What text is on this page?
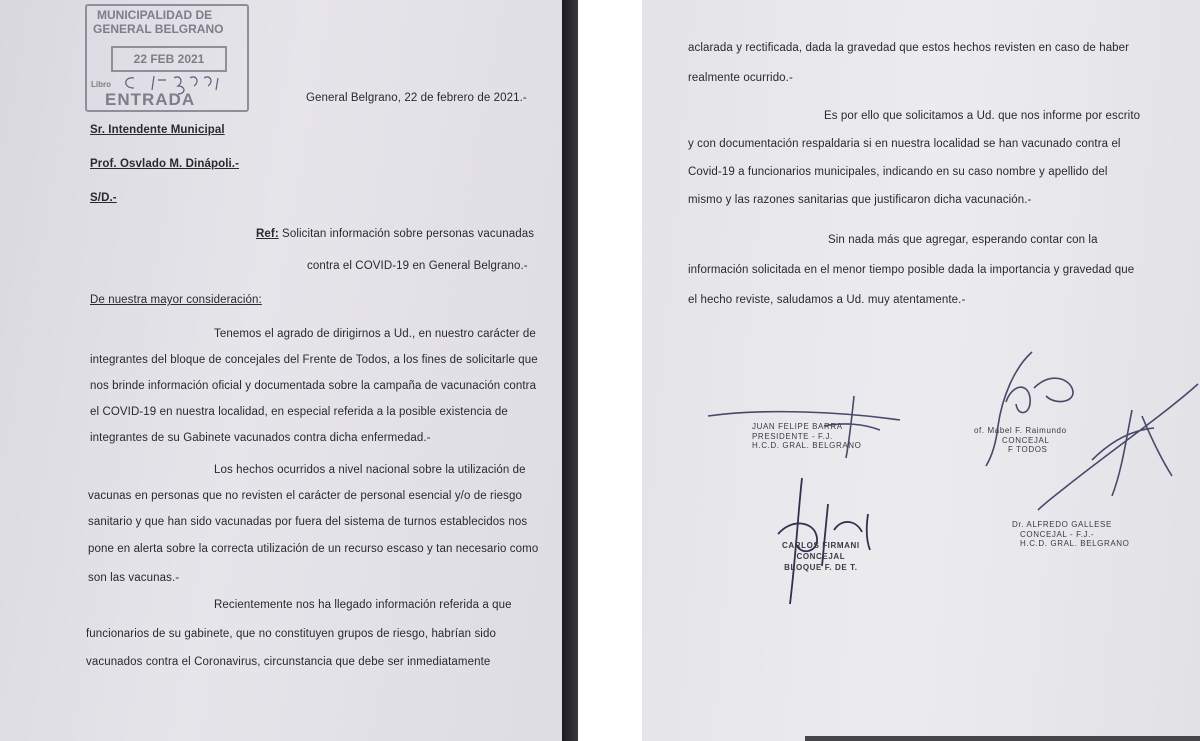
MUNICIPALIDAD DE
GENERAL BELGRANO
22 FEB 2021
Libro
ENTRADA	General Belgrano, 22 de febrero de 2021.-
Sr. Intendente Municipal
Prof. Osvlado M. Dinápoli.-
S/D.-
Ref: Solicitan información sobre personas vacunadas
contra el COVID-19 en General Belgrano.-
De nuestra mayor consideración:
Tenemos el agrado de dirigirnos a Ud., en nuestro carácter de
integrantes del bloque de concejales del Frente de Todos, a los fines de solicitarle que
nos brinde información oficial y documentada sobre la campaña de vacunación contra
el COVID-19 en nuestra localidad, en especial referida a la posible existencia de
integrantes de su Gabinete vacunados contra dicha enfermedad.-
Los hechos ocurridos a nivel nacional sobre la utilización de
vacunas en personas que no revisten el carácter de personal esencial y/o de riesgo
sanitario y que han sido vacunadas por fuera del sistema de turnos establecidos nos
pone en alerta sobre la correcta utilización de un recurso escaso y tan necesario como
son las vacunas.-
Recientemente nos ha llegado información referida a que
funcionarios de su gabinete, que no constituyen grupos de riesgo, habrían sido
vacunados contra el Coronavirus, circunstancia que debe ser inmediatamente
aclarada y rectificada, dada la gravedad que estos hechos revisten en caso de haber
realmente ocurrido.-
Es por ello que solicitamos a Ud. que nos informe por escrito
y con documentación respaldaria si en nuestra localidad se han vacunado contra el
Covid-19 a funcionarios municipales, indicando en su caso nombre y apellido del
mismo y las razones sanitarias que justificaron dicha vacunación.-
Sin nada más que agregar, esperando contar con la
información solicitada en el menor tiempo posible dada la importancia y gravedad que
el hecho reviste, saludamos a Ud. muy atentamente.-
JUAN FELIPE BARRA
PRESIDENTE - F.J.
H.C.D. GRAL. BELGRANO
of. Mabel F. Raimundo
CONCEJAL
F TODOS
CARLOS FIRMANI
CONCEJAL
BLOQUE F. DE T.
Dr. ALFREDO GALLESE
CONCEJAL - F.J.-
H.C.D. GRAL. BELGRANO
